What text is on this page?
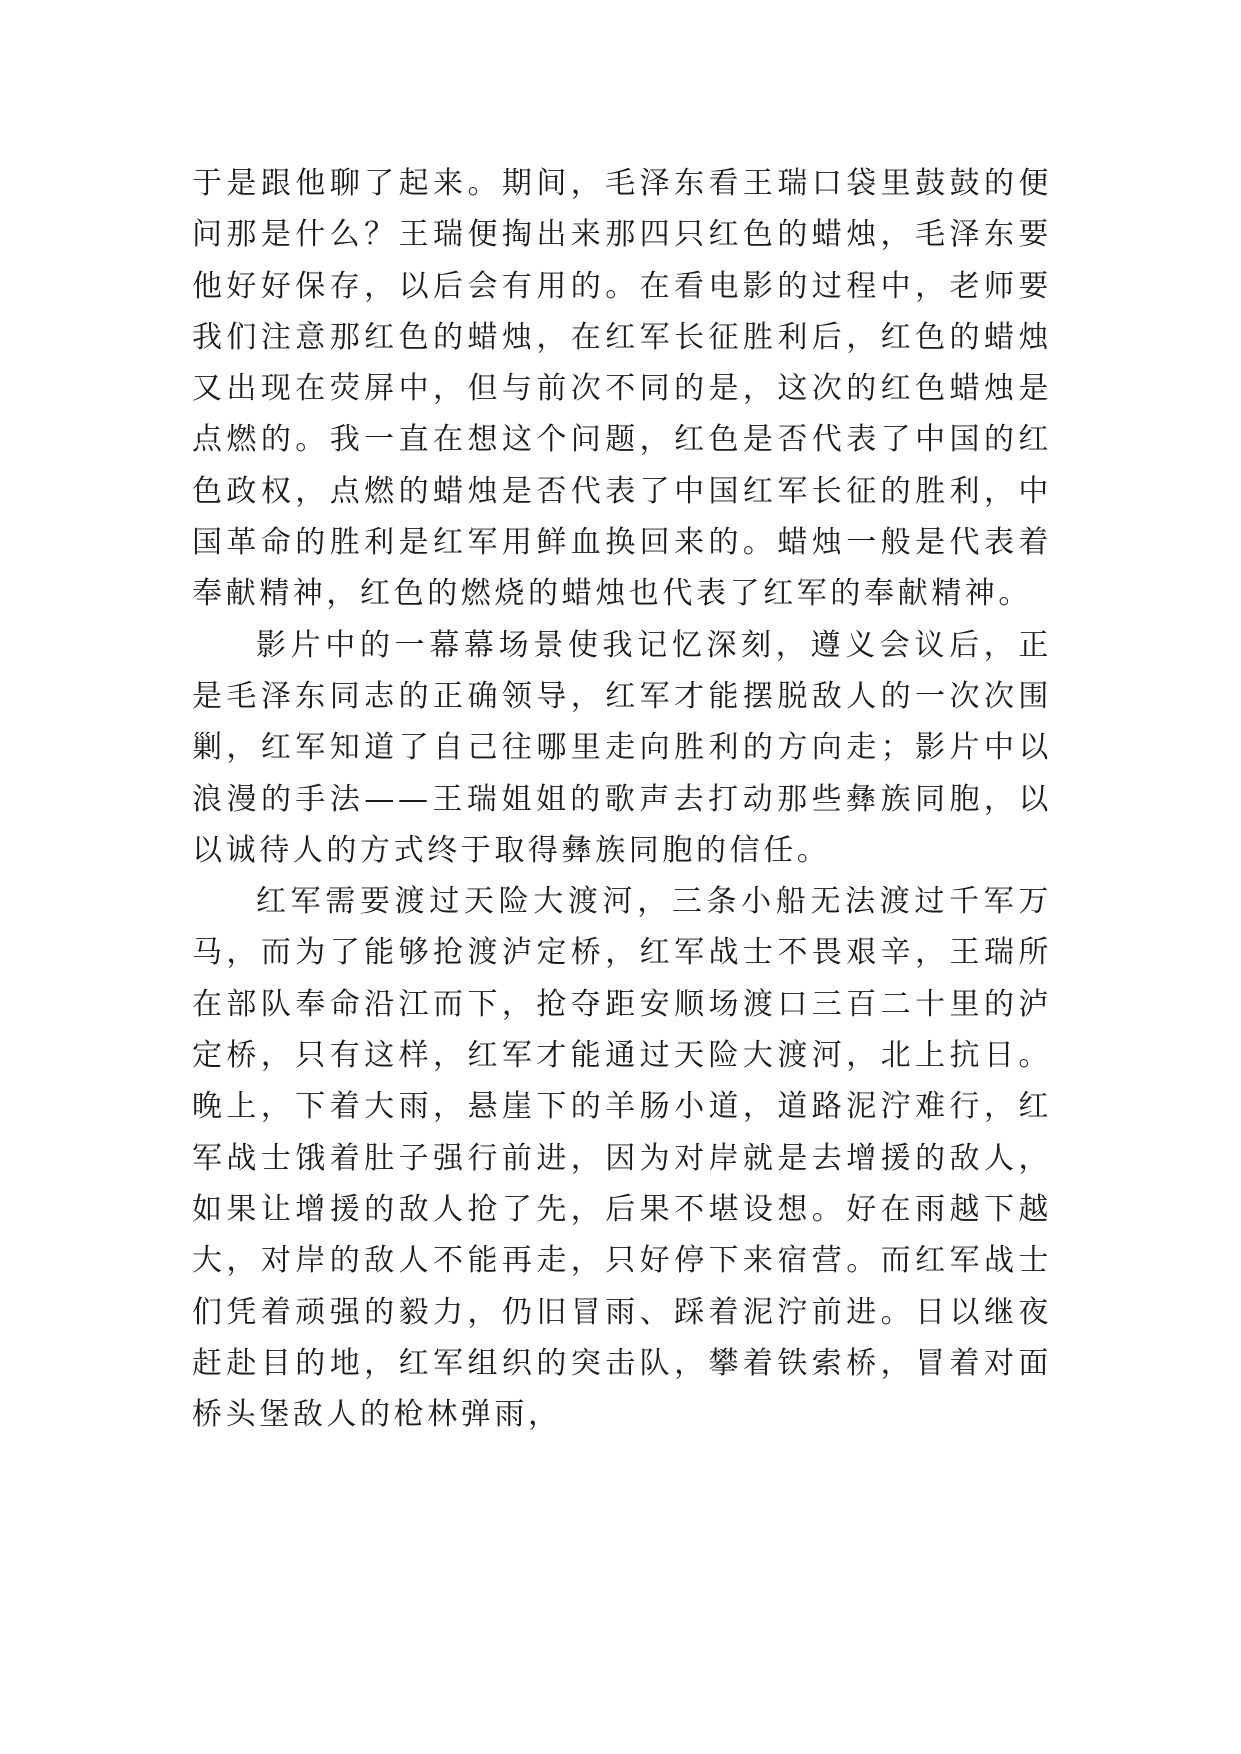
于是跟他聊了起来。期间，毛泽东看王瑞口袋里鼓鼓的便问那是什么？王瑞便掏出来那四只红色的蜡烛，毛泽东要他好好保存，以后会有用的。在看电影的过程中，老师要我们注意那红色的蜡烛，在红军长征胜利后，红色的蜡烛又出现在荧屏中，但与前次不同的是，这次的红色蜡烛是点燃的。我一直在想这个问题，红色是否代表了中国的红色政权，点燃的蜡烛是否代表了中国红军长征的胜利，中国革命的胜利是红军用鲜血换回来的。蜡烛一般是代表着奉献精神，红色的燃烧的蜡烛也代表了红军的奉献精神。

影片中的一幕幕场景使我记忆深刻，遵义会议后，正是毛泽东同志的正确领导，红军才能摆脱敌人的一次次围剿，红军知道了自己往哪里走向胜利的方向走；影片中以浪漫的手法——王瑞姐姐的歌声去打动那些彝族同胞，以以诚待人的方式终于取得彝族同胞的信任。

红军需要渡过天险大渡河，三条小船无法渡过千军万马，而为了能够抢渡泸定桥，红军战士不畏艰辛，王瑞所在部队奉命沿江而下，抢夺距安顺场渡口三百二十里的泸定桥，只有这样，红军才能通过天险大渡河，北上抗日。晚上，下着大雨，悬崖下的羊肠小道，道路泥泞难行，红军战士饿着肚子强行前进，因为对岸就是去增援的敌人，如果让增援的敌人抢了先，后果不堪设想。好在雨越下越大，对岸的敌人不能再走，只好停下来宿营。而红军战士们凭着顽强的毅力，仍旧冒雨、踩着泥泞前进。日以继夜赶赴目的地，红军组织的突击队，攀着铁索桥，冒着对面桥头堡敌人的枪林弹雨，
